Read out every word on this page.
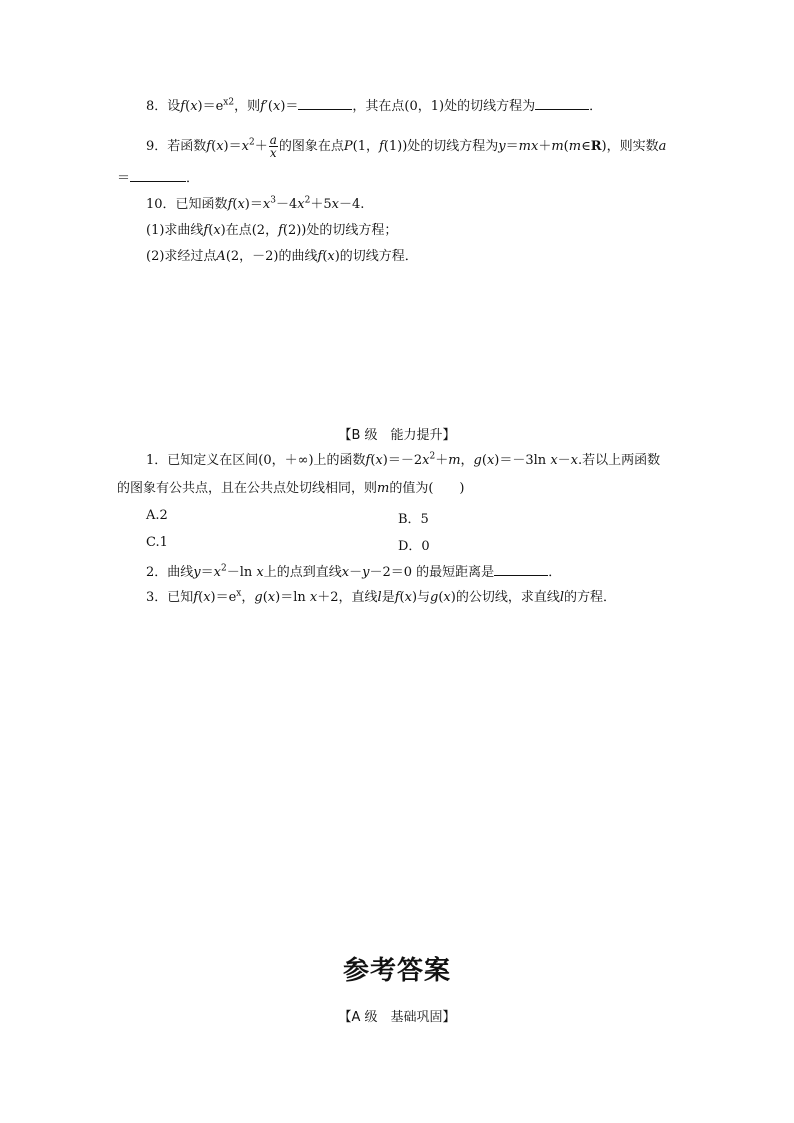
8．设$f(x)=e^{x2}$，则f′(x)＝	，其在点(0，1)处的切线方程为	．
9．若函数$f(x)=x^2+ \frac{a}{x}$ 的图象在点P(1，f(1))处的切线方程为y＝mx＋m(m∈R)，则实数a
＝	．
10．已知函数$f(x)=x^3-4x^2+5x-4$.
(1)求曲线f(x)在点(2，f(2))处的切线方程；
(2)求经过点A(2，－2)的曲线f(x)的切线方程．
【B 级　能力提升】
1．已知定义在区间(0，＋∞)上的函数$f(x)=-2x^2+m$，g(x)＝－3ln x－x.若以上两函数
的图象有公共点，且在公共点处切线相同，则m的值为(　　)
A.2	B．5
C.1	D．0
2．曲线$y=x^2-\ln$ x上的点到直线x－y－2＝0 的最短距离是	．
3．已知$f(x)=e^x$，g(x)＝ln x＋2，直线l是f(x)与g(x)的公切线，求直线l的方程．
参考答案
【A 级　基础巩固】
